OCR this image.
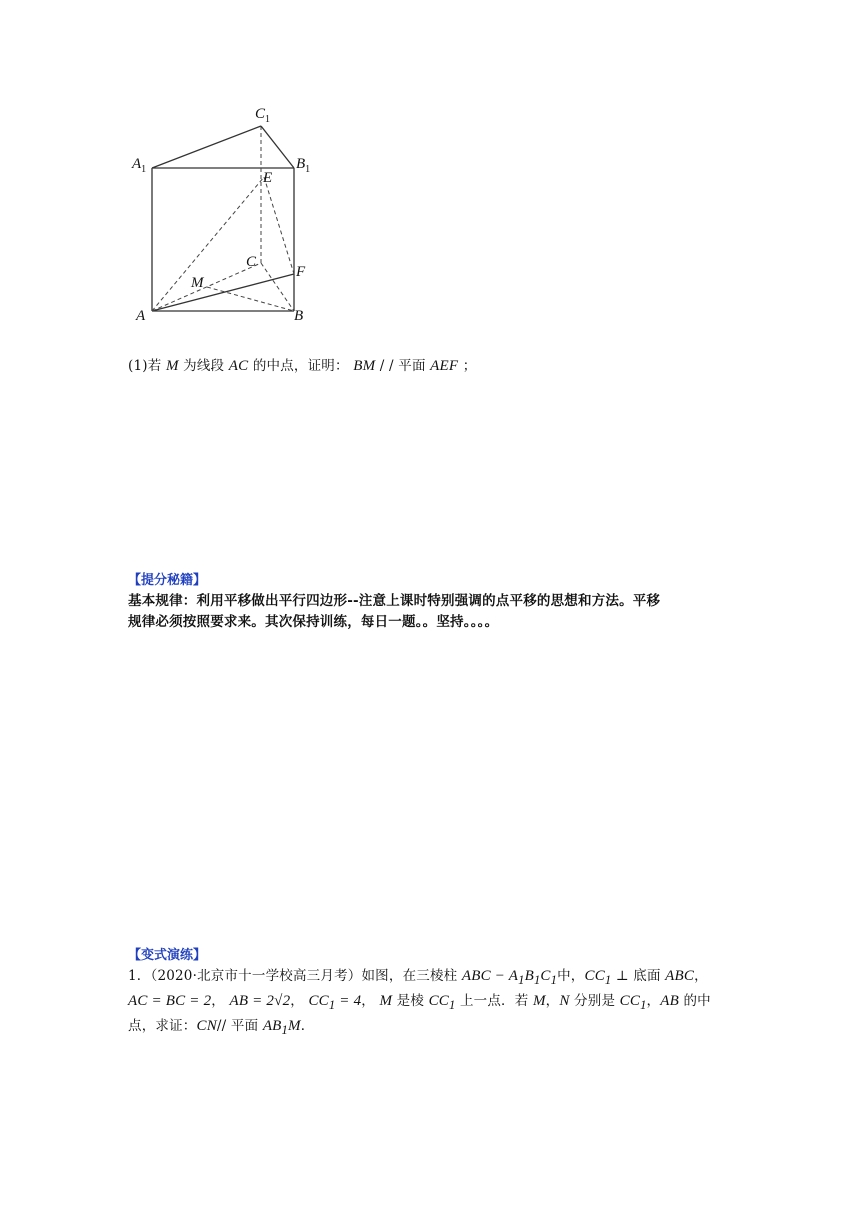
$C_1$
$A_1$	$B_1$
E
C
F
M
A	B
(1)若 M 为线段 AC 的中点，证明： BM / / 平面 AEF ；
【提分秘籍】
基本规律：利用平移做出平行四边形--注意上课时特别强调的点平移的思想和方法。平移
规律必须按照要求来。其次保持训练，每日一题。。坚持。。。。
【变式演练】
1．（2020·北京市十一学校高三月考）如图，在三棱柱 ABC − $A_1B_1C_1$中，$CC_1$ ⊥ 底面 ABC，
AC = BC = 2， AB = 2√2， $CC_1 = 4$， M 是棱 $CC_1$ 上一点．若 M，N 分别是 $CC_1$，AB 的中
点，求证：CN// 平面 $AB_1M$．
